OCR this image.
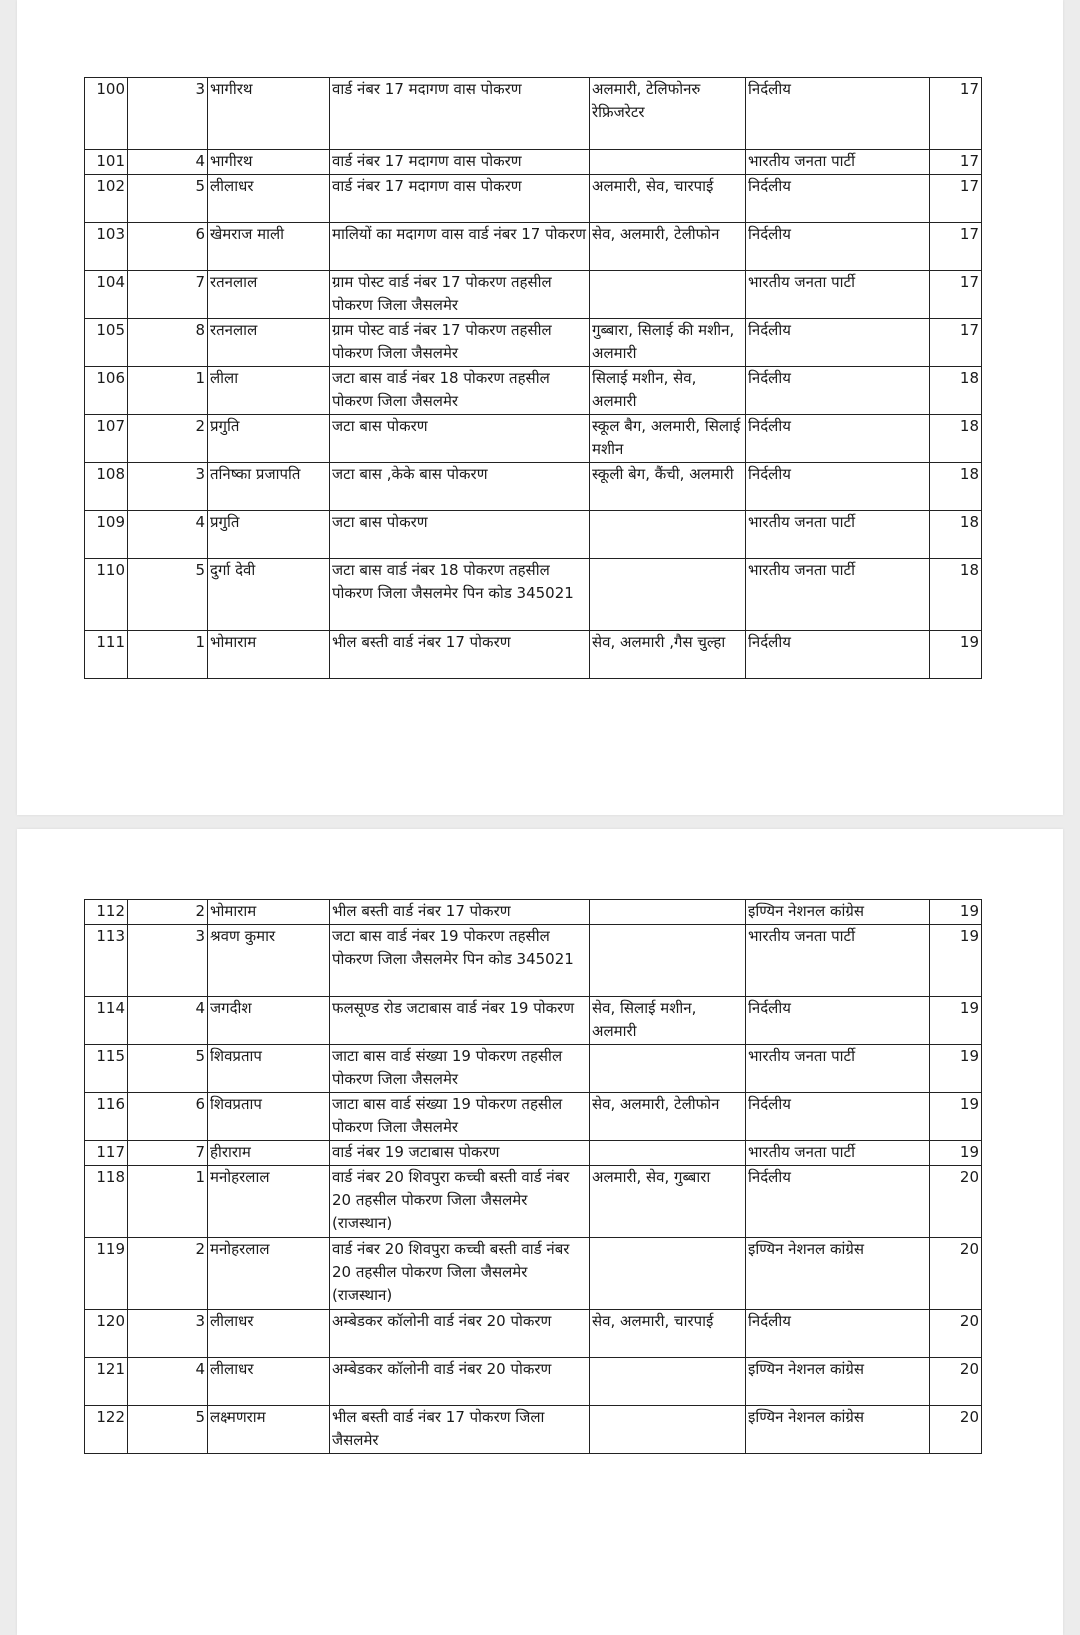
100	3	भागीरथ	वार्ड नंबर 17 मदागण वास पोकरण	अलमारी, टेलिफोनरु रेफ्रिजरेटर	निर्दलीय	17
101	4	भागीरथ	वार्ड नंबर 17 मदागण वास पोकरण		भारतीय जनता पार्टी	17
102	5	लीलाधर	वार्ड नंबर 17 मदागण वास पोकरण	अलमारी, सेव, चारपाई	निर्दलीय	17
103	6	खेमराज माली	मालियों का मदागण वास वार्ड नंबर 17 पोकरण	सेव, अलमारी, टेलीफोन	निर्दलीय	17
104	7	रतनलाल	ग्राम पोस्ट वार्ड नंबर 17 पोकरण तहसील पोकरण जिला जैसलमेर		भारतीय जनता पार्टी	17
105	8	रतनलाल	ग्राम पोस्ट वार्ड नंबर 17 पोकरण तहसील पोकरण जिला जैसलमेर	गुब्बारा, सिलाई की मशीन, अलमारी	निर्दलीय	17
106	1	लीला	जटा बास वार्ड नंबर 18 पोकरण तहसील पोकरण जिला जैसलमेर	सिलाई मशीन, सेव, अलमारी	निर्दलीय	18
107	2	प्रगुति	जटा बास पोकरण	स्कूल बैग, अलमारी, सिलाई मशीन	निर्दलीय	18
108	3	तनिष्का प्रजापति	जटा बास ,केके बास पोकरण	स्कूली बेग, कैंची, अलमारी	निर्दलीय	18
109	4	प्रगुति	जटा बास पोकरण		भारतीय जनता पार्टी	18
110	5	दुर्गा देवी	जटा बास वार्ड नंबर 18 पोकरण तहसील पोकरण जिला जैसलमेर पिन कोड 345021		भारतीय जनता पार्टी	18
111	1	भोमाराम	भील बस्ती वार्ड नंबर 17 पोकरण	सेव, अलमारी ,गैस चुल्हा	निर्दलीय	19
112	2	भोमाराम	भील बस्ती वार्ड नंबर 17 पोकरण		इण्यिन नेशनल कांग्रेस	19
113	3	श्रवण कुमार	जटा बास वार्ड नंबर 19 पोकरण तहसील पोकरण जिला जैसलमेर पिन कोड 345021		भारतीय जनता पार्टी	19
114	4	जगदीश	फलसूण्ड रोड जटाबास वार्ड नंबर 19 पोकरण	सेव, सिलाई मशीन, अलमारी	निर्दलीय	19
115	5	शिवप्रताप	जाटा बास वार्ड संख्या 19 पोकरण तहसील पोकरण जिला जैसलमेर		भारतीय जनता पार्टी	19
116	6	शिवप्रताप	जाटा बास वार्ड संख्या 19 पोकरण तहसील पोकरण जिला जैसलमेर	सेव, अलमारी, टेलीफोन	निर्दलीय	19
117	7	हीराराम	वार्ड नंबर 19 जटाबास पोकरण		भारतीय जनता पार्टी	19
118	1	मनोहरलाल	वार्ड नंबर 20 शिवपुरा कच्ची बस्ती वार्ड नंबर 20 तहसील पोकरण जिला जैसलमेर (राजस्थान)	अलमारी, सेव, गुब्बारा	निर्दलीय	20
119	2	मनोहरलाल	वार्ड नंबर 20 शिवपुरा कच्ची बस्ती वार्ड नंबर 20 तहसील पोकरण जिला जैसलमेर (राजस्थान)		इण्यिन नेशनल कांग्रेस	20
120	3	लीलाधर	अम्बेडकर कॉलोनी वार्ड नंबर 20 पोकरण	सेव, अलमारी, चारपाई	निर्दलीय	20
121	4	लीलाधर	अम्बेडकर कॉलोनी वार्ड नंबर 20 पोकरण		इण्यिन नेशनल कांग्रेस	20
122	5	लक्ष्मणराम	भील बस्ती वार्ड नंबर 17 पोकरण जिला जैसलमेर		इण्यिन नेशनल कांग्रेस	20
